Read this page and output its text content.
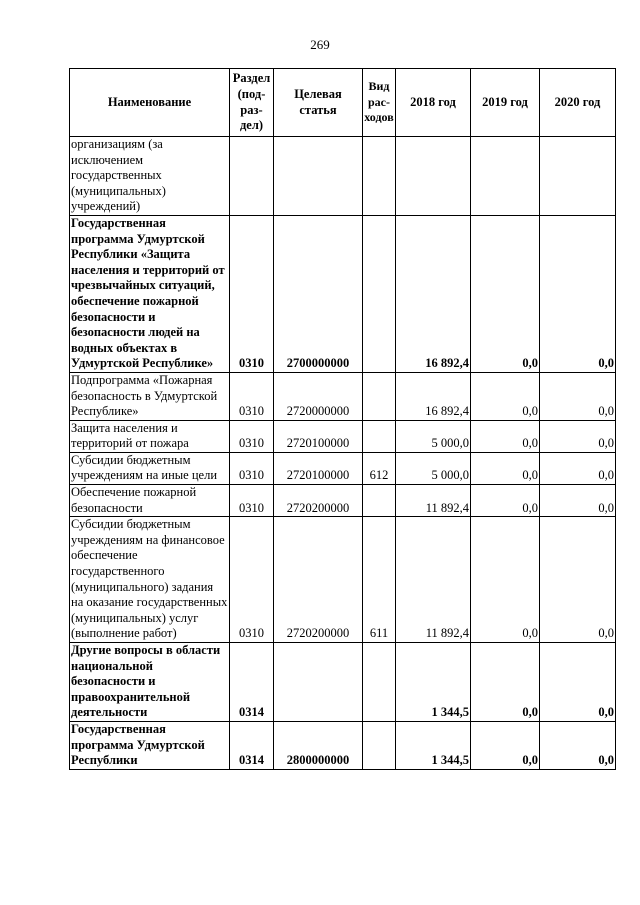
269
Наименование	Раздел (под-раз-дел)	Целевая статья	Вид рас-ходов	2018 год	2019 год	2020 год
организациям (за исключением государственных (муниципальных) учреждений)						
Государственная программа Удмуртской Республики «Защита населения и территорий от чрезвычайных ситуаций, обеспечение пожарной безопасности и безопасности людей на водных объектах в Удмуртской Республике»	0310	2700000000		16 892,4	0,0	0,0
Подпрограмма «Пожарная безопасность в Удмуртской Республике»	0310	2720000000		16 892,4	0,0	0,0
Защита населения и территорий от пожара	0310	2720100000		5 000,0	0,0	0,0
Субсидии бюджетным учреждениям на иные цели	0310	2720100000	612	5 000,0	0,0	0,0
Обеспечение пожарной безопасности	0310	2720200000		11 892,4	0,0	0,0
Субсидии бюджетным учреждениям на финансовое обеспечение государственного (муниципального) задания на оказание государственных (муниципальных) услуг (выполнение работ)	0310	2720200000	611	11 892,4	0,0	0,0
Другие вопросы в области национальной безопасности и правоохранительной деятельности	0314			1 344,5	0,0	0,0
Государственная программа Удмуртской Республики	0314	2800000000		1 344,5	0,0	0,0
